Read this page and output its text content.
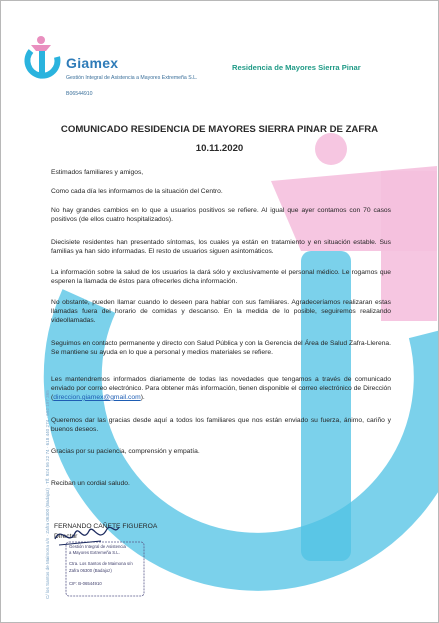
Giamex
Gestión Integral de Asistencia a Mayores Extremeña S.L.
B06544910
Residencia de Mayores Sierra Pinar
C/ los Santos de Maimona s/n · Zafra 06300 (Badajoz) · Tlf. 924 56 22 74 · 618 440 274 · 692 197 365
COMUNICADO RESIDENCIA DE MAYORES SIERRA PINAR DE ZAFRA
10.11.2020
Estimados familiares y amigos,
Como cada día les informamos de la situación del Centro.
No hay grandes cambios en lo que a usuarios positivos se refiere. Al igual que ayer contamos con 70 casos positivos (de ellos cuatro hospitalizados).
Diecisiete residentes han presentado síntomas, los cuales ya están en tratamiento y en situación estable. Sus familias ya han sido informadas. El resto de usuarios siguen asintomáticos.
La información sobre la salud de los usuarios la dará sólo y exclusivamente el personal médico. Le rogamos que esperen la llamada de éstos para ofrecerles dicha información.
No obstante, pueden llamar cuando lo deseen para hablar con sus familiares. Agradeceríamos realizaran estas llamadas fuera del horario de comidas y descanso. En la medida de lo posible, seguiremos realizando videollamadas.
Seguimos en contacto permanente y directo con Salud Pública y con la Gerencia del Área de Salud Zafra-Llerena. Se mantiene su ayuda en lo que a personal y medios materiales se refiere.
Les mantendremos informados diariamente de todas las novedades que tengamos a través de comunicado enviado por correo electrónico. Para obtener más información, tienen disponible el correo electrónico de Dirección (direccion.giamex@gmail.com).
Queremos dar las gracias desde aquí a todos los familiares que nos están enviado su fuerza, ánimo, cariño y buenos deseos.
Gracias por su paciencia, comprensión y empatía.
Reciban un cordial saludo.
FERNANDO CAÑETE FIGUEROA
Director
Gestión Integral de Asistencia
a Mayores Extremeña S.L.
Ctra. Los Santos de Maimona s/n
Zafra 06300 (Badajoz)
CIF: B-06544910
